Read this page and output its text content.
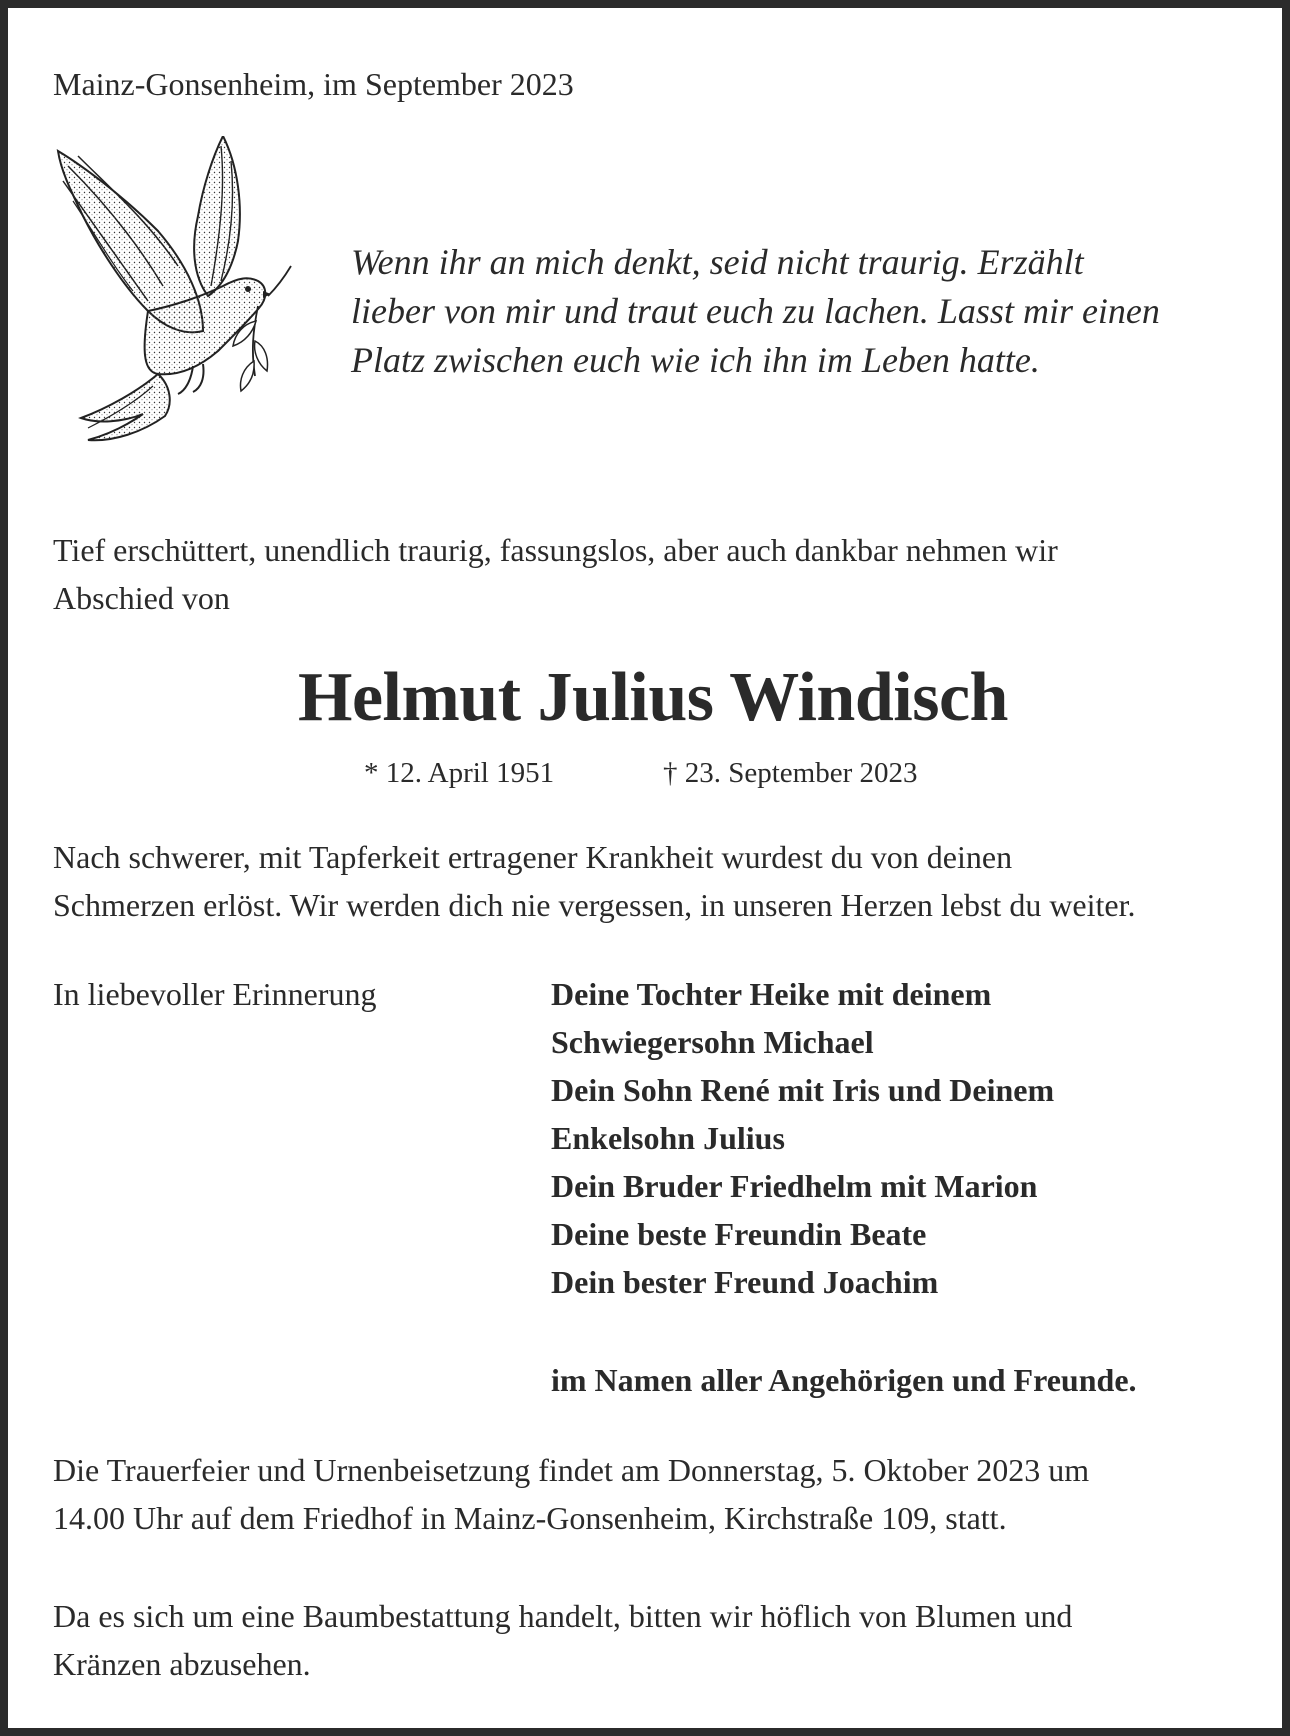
Mainz-Gonsenheim, im September 2023
Wenn ihr an mich denkt, seid nicht traurig. Erzählt
lieber von mir und traut euch zu lachen. Lasst mir einen
Platz zwischen euch wie ich ihn im Leben hatte.
Tief erschüttert, unendlich traurig, fassungslos, aber auch dankbar nehmen wir
Abschied von
Helmut Julius Windisch
* 12. April 1951	† 23. September 2023
Nach schwerer, mit Tapferkeit ertragener Krankheit wurdest du von deinen
Schmerzen erlöst. Wir werden dich nie vergessen, in unseren Herzen lebst du weiter.
In liebevoller Erinnerung	Deine Tochter Heike mit deinem
Schwiegersohn Michael
Dein Sohn René mit Iris und Deinem
Enkelsohn Julius
Dein Bruder Friedhelm mit Marion
Deine beste Freundin Beate
Dein bester Freund Joachim
im Namen aller Angehörigen und Freunde.
Die Trauerfeier und Urnenbeisetzung findet am Donnerstag, 5. Oktober 2023 um
14.00 Uhr auf dem Friedhof in Mainz-Gonsenheim, Kirchstraße 109, statt.
Da es sich um eine Baumbestattung handelt, bitten wir höflich von Blumen und
Kränzen abzusehen.
